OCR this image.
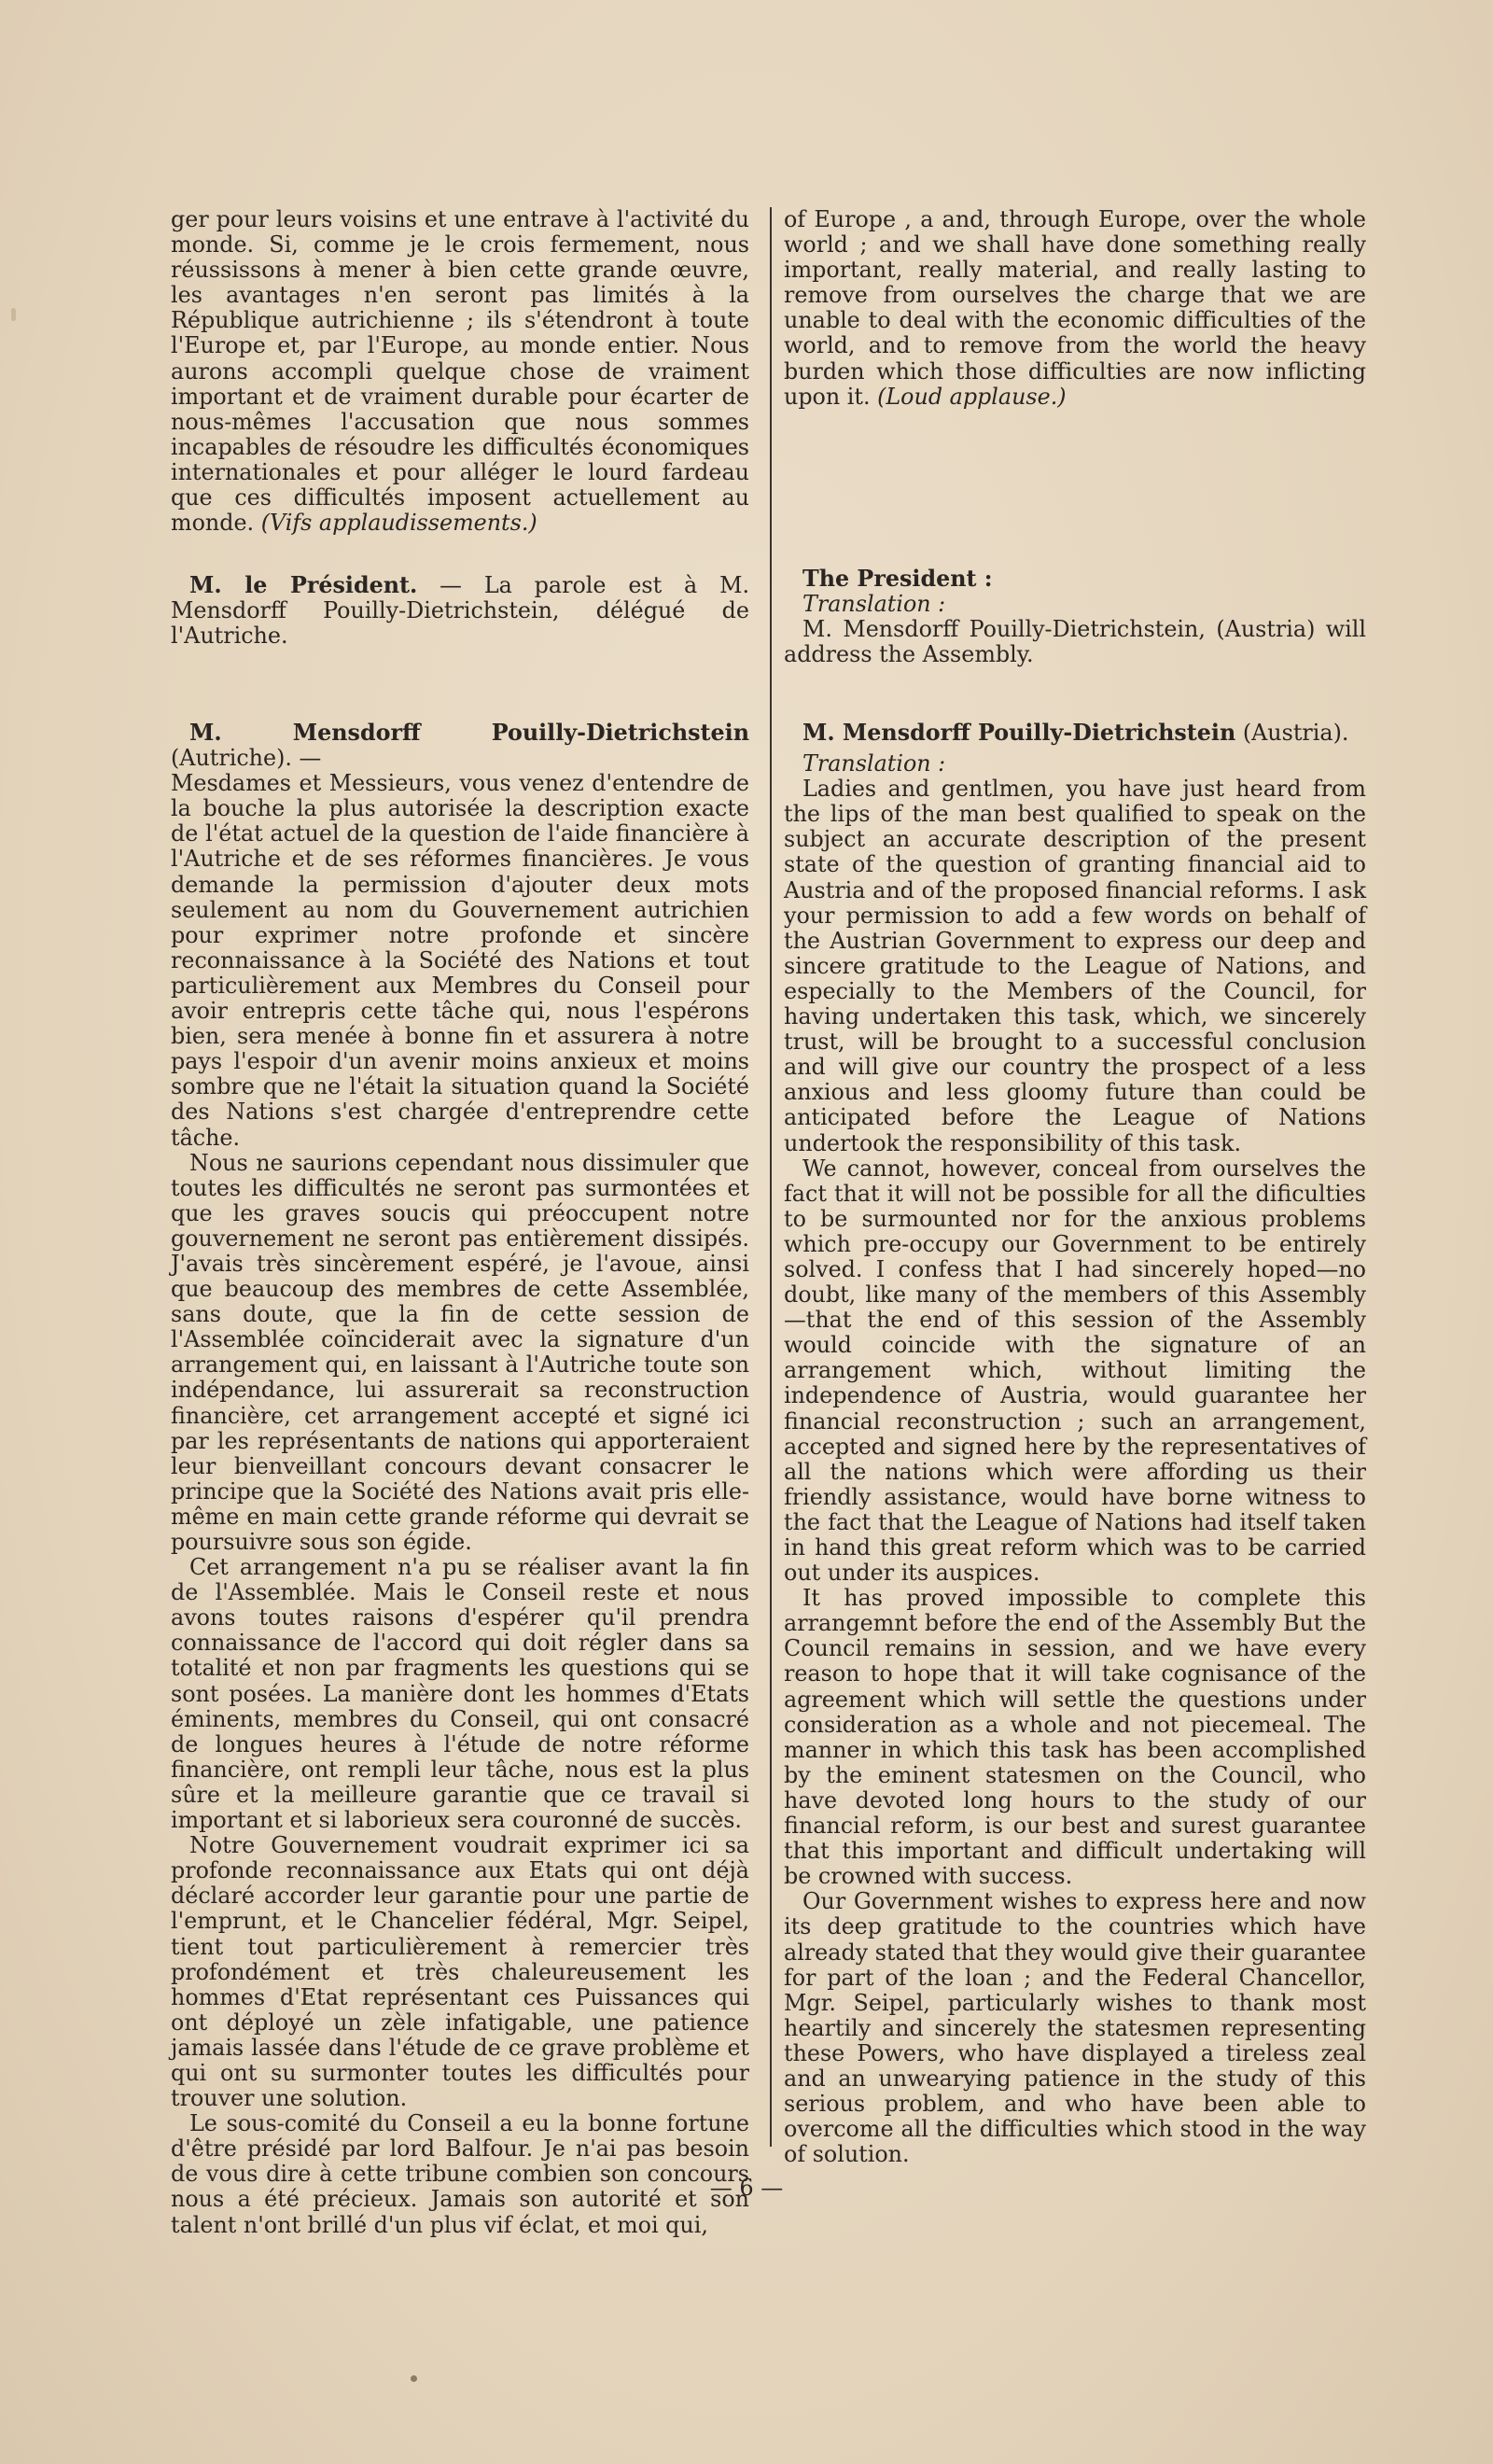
ger pour leurs voisins et une entrave à l'activité du monde. Si, comme je le crois fermement, nous réussissons à mener à bien cette grande œuvre, les avantages n'en seront pas limités à la République autrichienne ; ils s'étendront à toute l'Europe et, par l'Europe, au monde entier. Nous aurons accompli quelque chose de vraiment important et de vraiment durable pour écarter de nous-mêmes l'accusation que nous sommes incapables de résoudre les difficultés économiques internationales et pour alléger le lourd fardeau que ces difficultés imposent actuellement au monde. (Vifs applaudissements.)

M. le Président. — La parole est à M. Mensdorff Pouilly-Dietrichstein, délégué de l'Autriche.

M. Mensdorff Pouilly-Dietrichstein (Autriche). —

Mesdames et Messieurs, vous venez d'entendre de la bouche la plus autorisée la description exacte de l'état actuel de la question de l'aide financière à l'Autriche et de ses réformes financières. Je vous demande la permission d'ajouter deux mots seulement au nom du Gouvernement autrichien pour exprimer notre profonde et sincère reconnaissance à la Société des Nations et tout particulièrement aux Membres du Conseil pour avoir entrepris cette tâche qui, nous l'espérons bien, sera menée à bonne fin et assurera à notre pays l'espoir d'un avenir moins anxieux et moins sombre que ne l'était la situation quand la Société des Nations s'est chargée d'entreprendre cette tâche.

Nous ne saurions cependant nous dissimuler que toutes les difficultés ne seront pas surmontées et que les graves soucis qui préoccupent notre gouvernement ne seront pas entièrement dissipés. J'avais très sincèrement espéré, je l'avoue, ainsi que beaucoup des membres de cette Assemblée, sans doute, que la fin de cette session de l'Assemblée coïnciderait avec la signature d'un arrangement qui, en laissant à l'Autriche toute son indépendance, lui assurerait sa reconstruction financière, cet arrangement accepté et signé ici par les représentants de nations qui apporteraient leur bienveillant concours devant consacrer le principe que la Société des Nations avait pris elle-même en main cette grande réforme qui devrait se poursuivre sous son égide.

Cet arrangement n'a pu se réaliser avant la fin de l'Assemblée. Mais le Conseil reste et nous avons toutes raisons d'espérer qu'il prendra connaissance de l'accord qui doit régler dans sa totalité et non par fragments les questions qui se sont posées. La manière dont les hommes d'Etats éminents, membres du Conseil, qui ont consacré de longues heures à l'étude de notre réforme financière, ont rempli leur tâche, nous est la plus sûre et la meilleure garantie que ce travail si important et si laborieux sera couronné de succès.

Notre Gouvernement voudrait exprimer ici sa profonde reconnaissance aux Etats qui ont déjà déclaré accorder leur garantie pour une partie de l'emprunt, et le Chancelier fédéral, Mgr. Seipel, tient tout particulièrement à remercier très profondément et très chaleureusement les hommes d'Etat représentant ces Puissances qui ont déployé un zèle infatigable, une patience jamais lassée dans l'étude de ce grave problème et qui ont su surmonter toutes les difficultés pour trouver une solution.

Le sous-comité du Conseil a eu la bonne fortune d'être présidé par lord Balfour. Je n'ai pas besoin de vous dire à cette tribune combien son concours nous a été précieux. Jamais son autorité et son talent n'ont brillé d'un plus vif éclat, et moi qui,

of Europe , a and, through Europe, over the whole world ; and we shall have done something really important, really material, and really lasting to remove from ourselves the charge that we are unable to deal with the economic difficulties of the world, and to remove from the world the heavy burden which those difficulties are now inflicting upon it. (Loud applause.)

The President :

Translation :

M. Mensdorff Pouilly-Dietrichstein, (Austria) will address the Assembly.

M. Mensdorff Pouilly-Dietrichstein (Austria).

Translation :

Ladies and gentlmen, you have just heard from the lips of the man best qualified to speak on the subject an accurate description of the present state of the question of granting financial aid to Austria and of the proposed financial reforms. I ask your permission to add a few words on behalf of the Austrian Government to express our deep and sincere gratitude to the League of Nations, and especially to the Members of the Council, for having undertaken this task, which, we sincerely trust, will be brought to a successful conclusion and will give our country the prospect of a less anxious and less gloomy future than could be anticipated before the League of Nations undertook the responsibility of this task.

We cannot, however, conceal from ourselves the fact that it will not be possible for all the dificulties to be surmounted nor for the anxious problems which pre-occupy our Government to be entirely solved. I confess that I had sincerely hoped—no doubt, like many of the members of this Assembly—that the end of this session of the Assembly would coincide with the signature of an arrangement which, without limiting the independence of Austria, would guarantee her financial reconstruction ; such an arrangement, accepted and signed here by the representatives of all the nations which were affording us their friendly assistance, would have borne witness to the fact that the League of Nations had itself taken in hand this great reform which was to be carried out under its auspices.

It has proved impossible to complete this arrangemnt before the end of the Assembly But the Council remains in session, and we have every reason to hope that it will take cognisance of the agreement which will settle the questions under consideration as a whole and not piecemeal. The manner in which this task has been accomplished by the eminent statesmen on the Council, who have devoted long hours to the study of our financial reform, is our best and surest guarantee that this important and difficult undertaking will be crowned with success.

Our Government wishes to express here and now its deep gratitude to the countries which have already stated that they would give their guarantee for part of the loan ; and the Federal Chancellor, Mgr. Seipel, particularly wishes to thank most heartily and sincerely the statesmen representing these Powers, who have displayed a tireless zeal and an unwearying patience in the study of this serious problem, and who have been able to overcome all the difficulties which stood in the way of solution.

— 6 —
